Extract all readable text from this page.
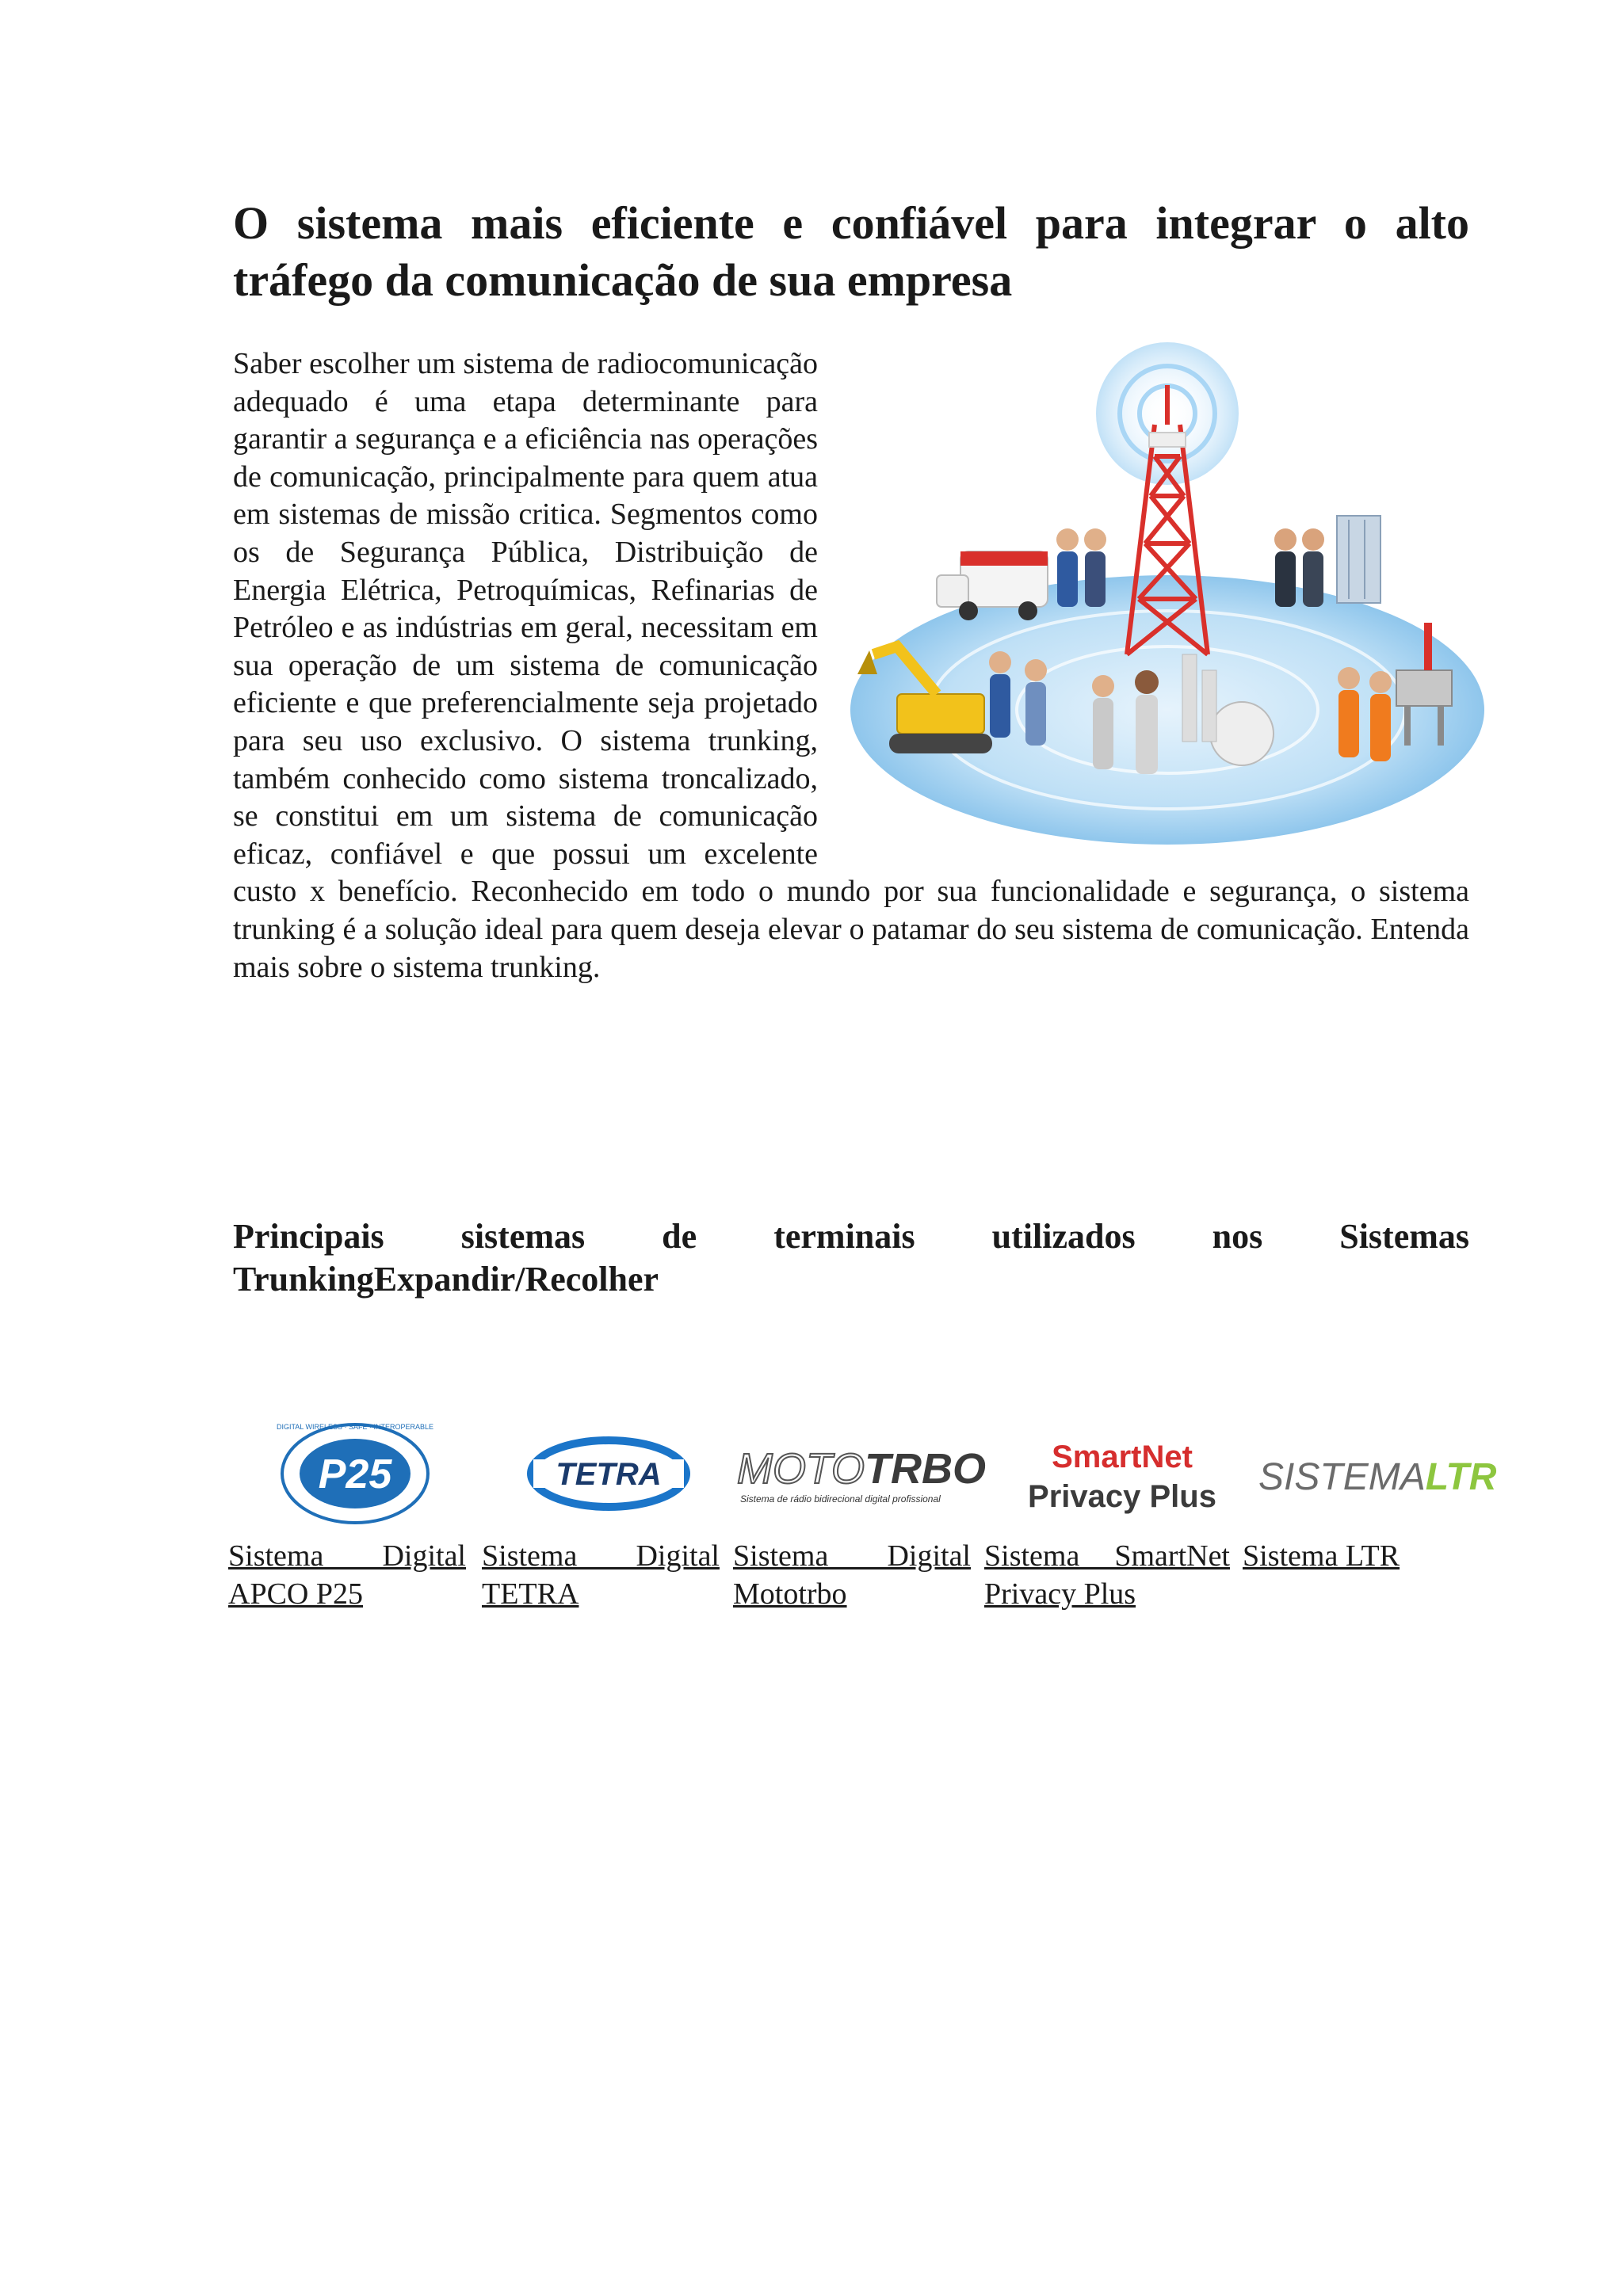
O sistema mais eficiente e confiável para integrar o alto tráfego da comunicação de sua empresa
Saber escolher um sistema de radiocomunicação adequado é uma etapa determinante para garantir a segurança e a eficiência nas operações de comunicação, principalmente para quem atua em sistemas de missão critica. Segmentos como os de Segurança Pública, Distribuição de Energia Elétrica, Petroquímicas, Refinarias de Petróleo e as indústrias em geral, necessitam em sua operação de um sistema de comunicação eficiente e que preferencialmente seja projetado para seu uso exclusivo. O sistema trunking, também conhecido como sistema troncalizado, se constitui em um sistema de comunicação eficaz, confiável e que possui um excelente custo x benefício. Reconhecido em todo o mundo por sua funcionalidade e segurança, o sistema trunking é a solução ideal para quem deseja elevar o patamar do seu sistema de comunicação. Entenda mais sobre o sistema trunking.
Principais sistemas de terminais utilizados nos Sistemas TrunkingExpandir/Recolher
DIGITAL WIRELESS · SAFE · INTEROPERABLE
P25	TETRA MOTOTRBO
Sistema de rádio bidirecional digital profissional
SmartNet
Privacy Plus SISTEMALTR
Sistema Digital APCO P25
Sistema Digital TETRA
Sistema Digital Mototrbo
Sistema SmartNet Privacy Plus
Sistema LTR
